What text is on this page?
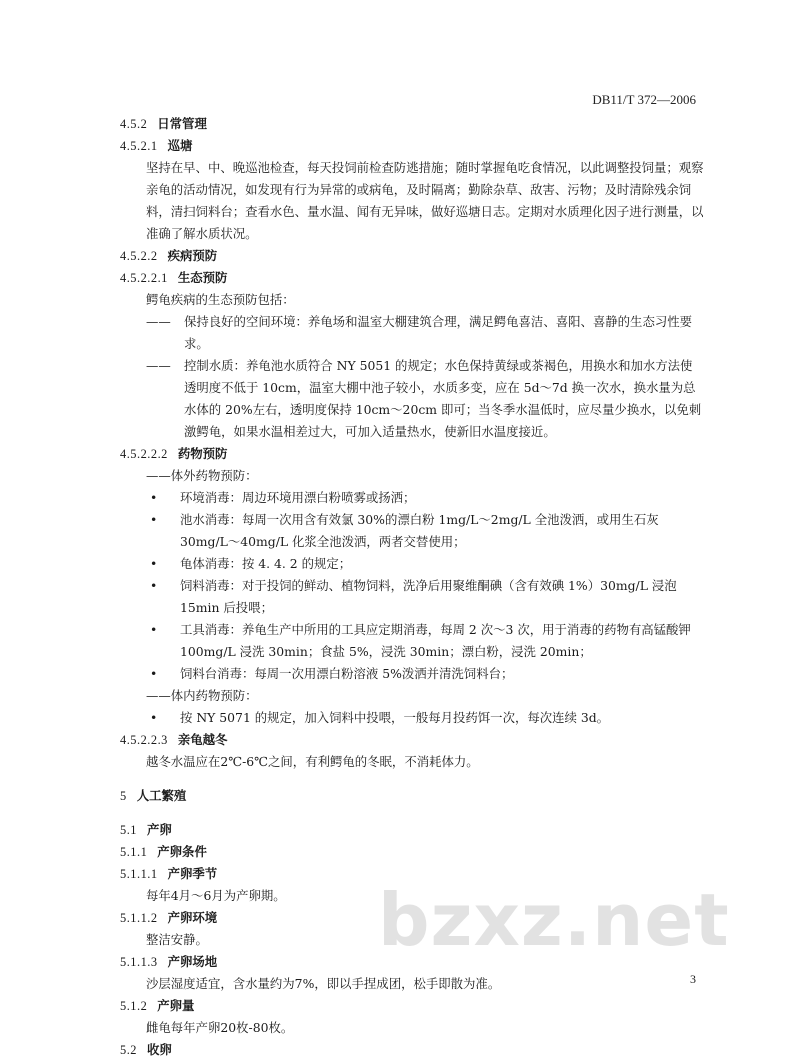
DB11/T 372—2006
4.5.2 日常管理
4.5.2.1 巡塘
坚持在早、中、晚巡池检查，每天投饲前检查防逃措施；随时掌握龟吃食情况，以此调整投饲量；观察亲龟的活动情况，如发现有行为异常的或病龟，及时隔离；勤除杂草、敌害、污物；及时清除残余饲料，清扫饲料台；查看水色、量水温、闻有无异味，做好巡塘日志。定期对水质理化因子进行测量，以准确了解水质状况。
4.5.2.2 疾病预防
4.5.2.2.1 生态预防
鳄龟疾病的生态预防包括：
——	保持良好的空间环境：养龟场和温室大棚建筑合理，满足鳄龟喜洁、喜阳、喜静的生态习性要求。
——	控制水质：养龟池水质符合 NY 5051 的规定；水色保持黄绿或茶褐色，用换水和加水方法使透明度不低于 10cm，温室大棚中池子较小，水质多变，应在 5d～7d 换一次水，换水量为总水体的 20%左右，透明度保持 10cm～20cm 即可；当冬季水温低时，应尽量少换水，以免刺激鳄龟，如果水温相差过大，可加入适量热水，使新旧水温度接近。
4.5.2.2.2 药物预防
——体外药物预防：
•	环境消毒：周边环境用漂白粉喷雾或扬洒；
•	池水消毒：每周一次用含有效氯 30%的漂白粉 1mg/L～2mg/L 全池泼洒，或用生石灰 30mg/L～40mg/L 化浆全池泼洒，两者交替使用；
•	龟体消毒：按 4. 4. 2 的规定；
•	饲料消毒：对于投饲的鲜动、植物饲料，洗净后用聚维酮碘（含有效碘 1%）30mg/L 浸泡 15min 后投喂；
•	工具消毒：养龟生产中所用的工具应定期消毒，每周 2 次～3 次，用于消毒的药物有高锰酸钾 100mg/L 浸洗 30min；食盐 5%，浸洗 30min；漂白粉，浸洗 20min；
•	饲料台消毒：每周一次用漂白粉溶液 5%泼洒并清洗饲料台；
——体内药物预防：
•	按 NY 5071 的规定，加入饲料中投喂，一般每月投药饵一次，每次连续 3d。
4.5.2.2.3 亲龟越冬
越冬水温应在2℃-6℃之间，有利鳄龟的冬眠，不消耗体力。
5 人工繁殖
5.1 产卵
5.1.1 产卵条件
5.1.1.1 产卵季节
每年4月～6月为产卵期。
5.1.1.2 产卵环境
整洁安静。
5.1.1.3 产卵场地
沙层湿度适宜，含水量约为7%，即以手捏成团，松手即散为准。
5.1.2 产卵量
雌龟每年产卵20枚-80枚。
5.2 收卵
bzxz.net
3
